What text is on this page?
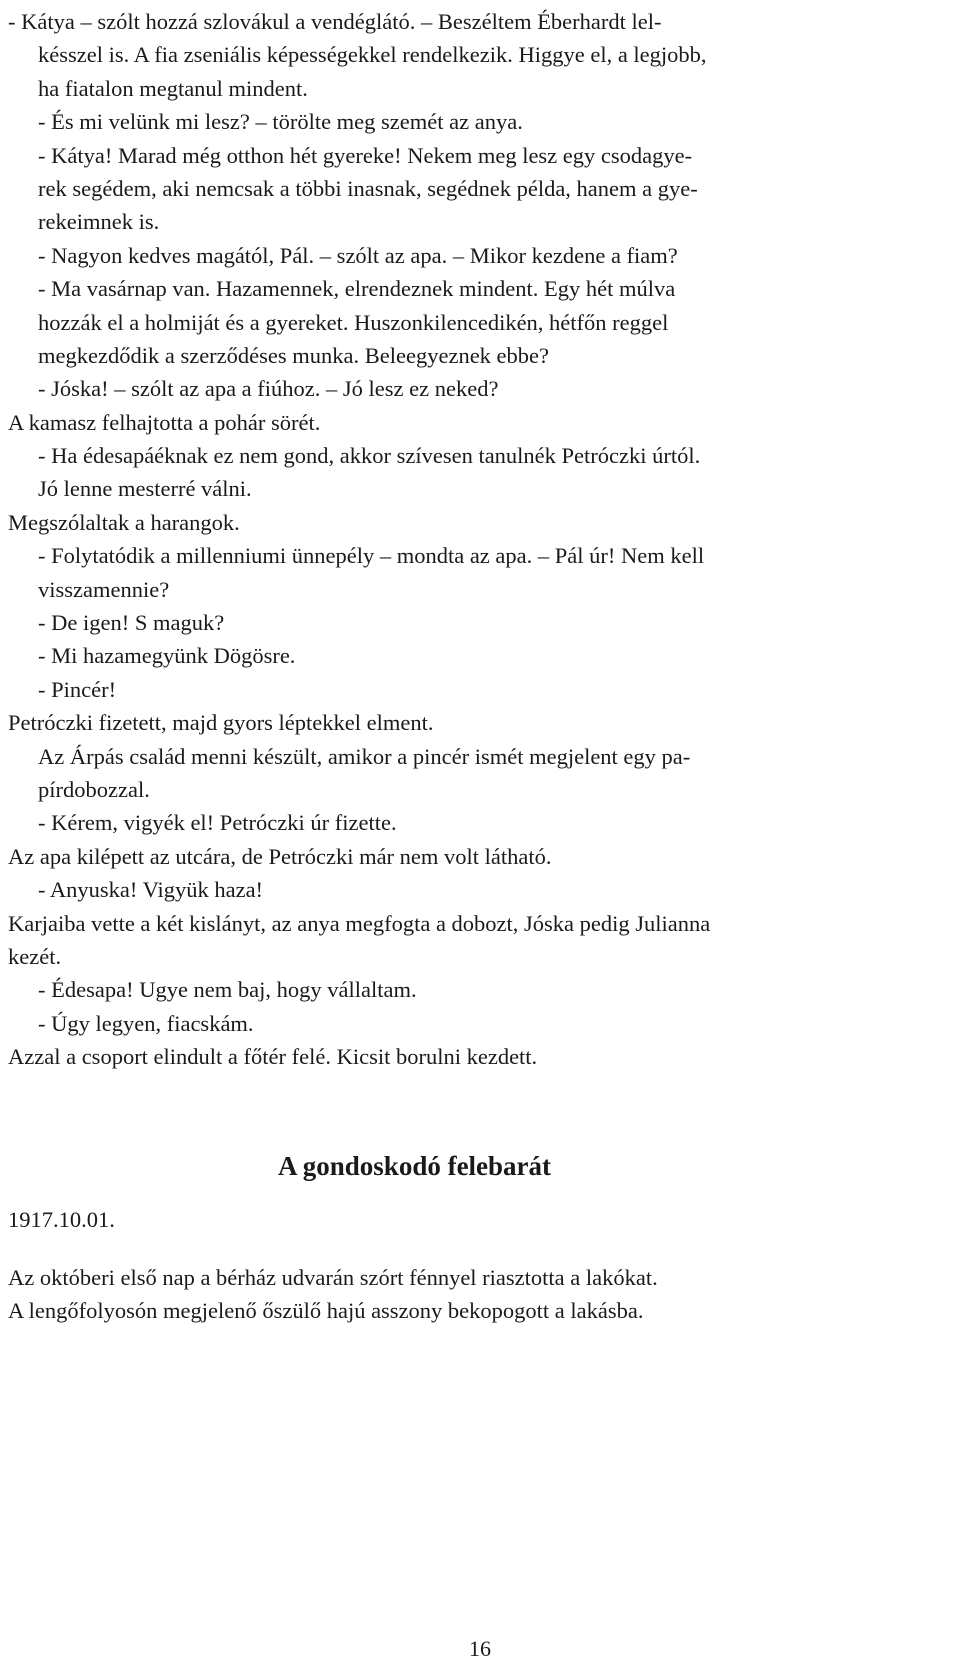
- Kátya – szólt hozzá szlovákul a vendéglátó. – Beszéltem Éberhardt lel-
késszel is. A fia zseniális képességekkel rendelkezik. Higgye el, a legjobb,
ha fiatalon megtanul mindent.
- És mi velünk mi lesz? – törölte meg szemét az anya.
- Kátya! Marad még otthon hét gyereke! Nekem meg lesz egy csodagye-
rek segédem, aki nemcsak a többi inasnak, segédnek példa, hanem a gye-
rekeimnek is.
- Nagyon kedves magától, Pál. – szólt az apa. – Mikor kezdene a fiam?
- Ma vasárnap van. Hazamennek, elrendeznek mindent. Egy hét múlva
hozzák el a holmiját és a gyereket. Huszonkilencedikén, hétfőn reggel
megkezdődik a szerződéses munka. Beleegyeznek ebbe?
- Jóska! – szólt az apa a fiúhoz. – Jó lesz ez neked?
A kamasz felhajtotta a pohár sörét.
- Ha édesapáéknak ez nem gond, akkor szívesen tanulnék Petróczki úrtól.
Jó lenne mesterré válni.
Megszólaltak a harangok.
- Folytatódik a millenniumi ünnepély – mondta az apa. – Pál úr! Nem kell
visszamennie?
- De igen! S maguk?
- Mi hazamegyünk Dögösre.
- Pincér!
Petróczki fizetett, majd gyors léptekkel elment.
Az Árpás család menni készült, amikor a pincér ismét megjelent egy pa-
pírdobozzal.
- Kérem, vigyék el! Petróczki úr fizette.
Az apa kilépett az utcára, de Petróczki már nem volt látható.
- Anyuska! Vigyük haza!
Karjaiba vette a két kislányt, az anya megfogta a dobozt, Jóska pedig Julianna
kezét.
- Édesapa! Ugye nem baj, hogy vállaltam.
- Úgy legyen, fiacskám.
Azzal a csoport elindult a főtér felé. Kicsit borulni kezdett.
A gondoskodó felebarát
1917.10.01.
Az októberi első nap a bérház udvarán szórt fénnyel riasztotta a lakókat.
A lengőfolyosón megjelenő őszülő hajú asszony bekopogott a lakásba.
16
